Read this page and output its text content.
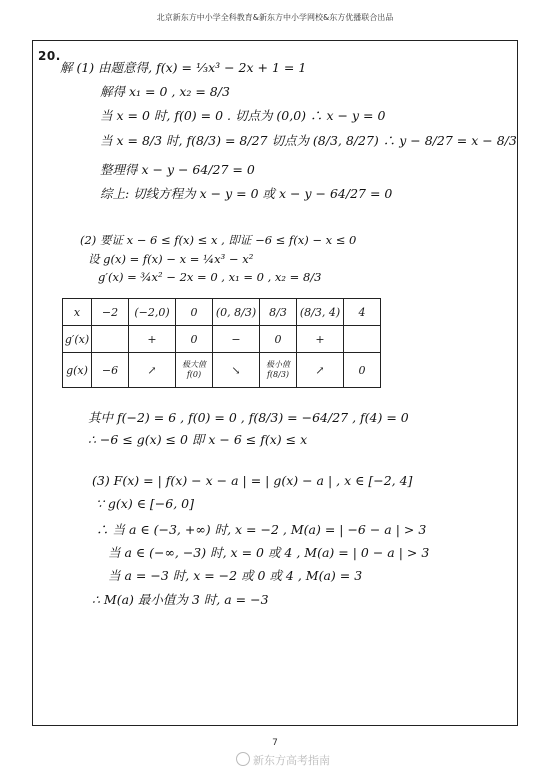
北京新东方中小学全科教育&新东方中小学网校&东方优播联合出品
20.
解 (1) 由题意得, f(x) = ⅓x³ − 2x + 1 = 1
解得 x₁ = 0 , x₂ = 8/3
当 x = 0 时, f(0) = 0 . 切点为 (0,0) ∴ x − y = 0
当 x = 8/3 时, f(8/3) = 8/27 切点为 (8/3, 8/27) ∴ y − 8/27 = x − 8/3
整理得 x − y − 64/27 = 0
综上: 切线方程为 x − y = 0 或 x − y − 64/27 = 0
(2) 要证 x − 6 ≤ f(x) ≤ x , 即证 −6 ≤ f(x) − x ≤ 0
设 g(x) = f(x) − x = ¼x³ − x²
g′(x) = ¾x² − 2x = 0 , x₁ = 0 , x₂ = 8/3
x	−2	(−2,0)	0	(0, 8/3)	8/3	(8/3, 4)	4
g′(x)		+	0	−	0	+	
g(x)	−6	↗	极大值 f(0)	↘	极小值 f(8/3)	↗	0
其中 f(−2) = 6 , f(0) = 0 , f(8/3) = −64/27 , f(4) = 0
∴ −6 ≤ g(x) ≤ 0 即 x − 6 ≤ f(x) ≤ x
(3) F(x) = | f(x) − x − a | = | g(x) − a | , x ∈ [−2, 4]
∵ g(x) ∈ [−6, 0]
∴ 当 a ∈ (−3, +∞) 时, x = −2 , M(a) = | −6 − a | > 3
当 a ∈ (−∞, −3) 时, x = 0 或 4 , M(a) = | 0 − a | > 3
当 a = −3 时, x = −2 或 0 或 4 , M(a) = 3
∴ M(a) 最小值为 3 时, a = −3
7
新东方高考指南
